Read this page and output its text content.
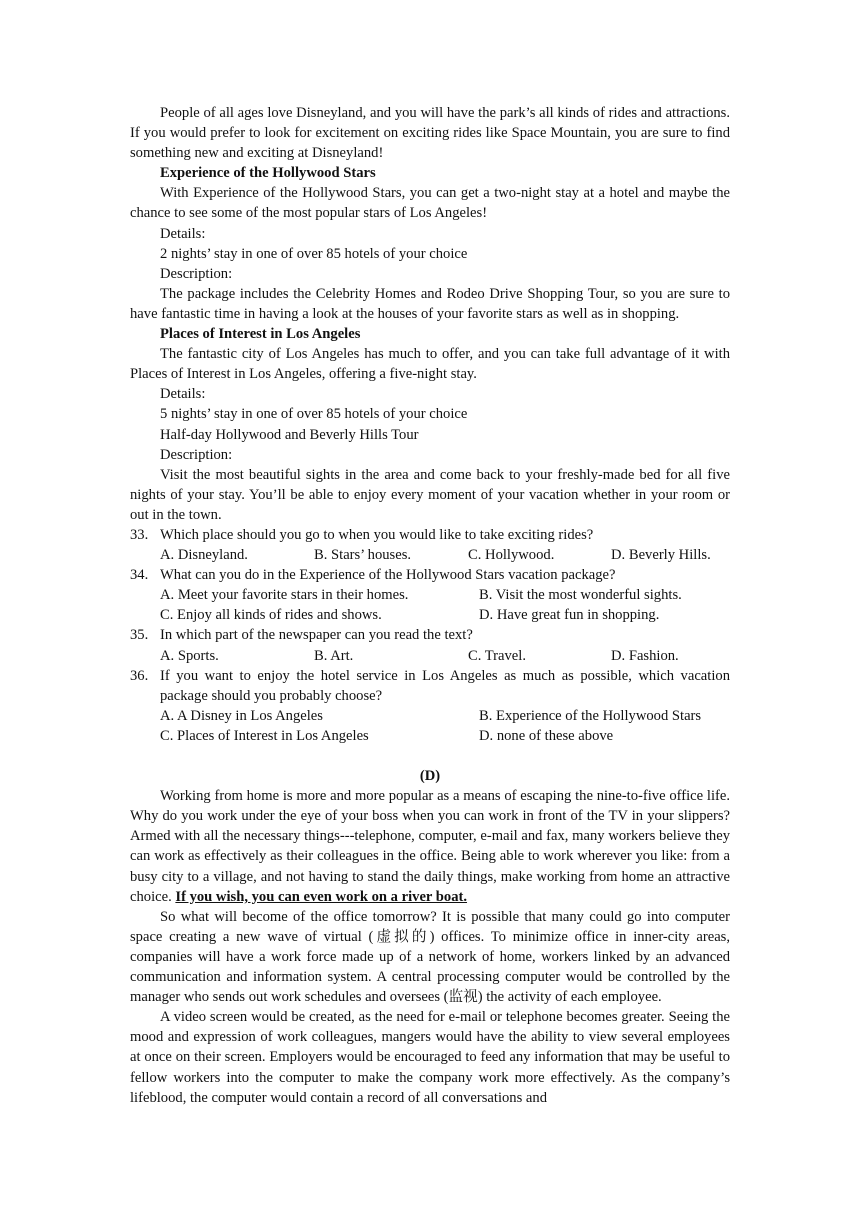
People of all ages love Disneyland, and you will have the park’s all kinds of rides and attractions. If you would prefer to look for excitement on exciting rides like Space Mountain, you are sure to find something new and exciting at Disneyland!

Experience of the Hollywood Stars

With Experience of the Hollywood Stars, you can get a two-night stay at a hotel and maybe the chance to see some of the most popular stars of Los Angeles!

Details:

2 nights’ stay in one of over 85 hotels of your choice

Description:

The package includes the Celebrity Homes and Rodeo Drive Shopping Tour, so you are sure to have fantastic time in having a look at the houses of your favorite stars as well as in shopping.

Places of Interest in Los Angeles

The fantastic city of Los Angeles has much to offer, and you can take full advantage of it with Places of Interest in Los Angeles, offering a five-night stay.

Details:

5 nights’ stay in one of over 85 hotels of your choice

Half-day Hollywood and Beverly Hills Tour

Description:

Visit the most beautiful sights in the area and come back to your freshly-made bed for all five nights of your stay. You’ll be able to enjoy every moment of your vacation whether in your room or out in the town.

33. Which place should you go to when you would like to take exciting rides?
A. Disneyland.	B. Stars’ houses.	C. Hollywood.	D. Beverly Hills.
34. What can you do in the Experience of the Hollywood Stars vacation package?
A. Meet your favorite stars in their homes.	B. Visit the most wonderful sights.
C. Enjoy all kinds of rides and shows.	D. Have great fun in shopping.
35. In which part of the newspaper can you read the text?
A. Sports.	B. Art.	C. Travel.	D. Fashion.
36. If you want to enjoy the hotel service in Los Angeles as much as possible, which vacation package should you probably choose?
A. A Disney in Los Angeles	B. Experience of the Hollywood Stars
C. Places of Interest in Los Angeles	D. none of these above

(D)

Working from home is more and more popular as a means of escaping the nine-to-five office life. Why do you work under the eye of your boss when you can work in front of the TV in your slippers? Armed with all the necessary things---telephone, computer, e-mail and fax, many workers believe they can work as effectively as their colleagues in the office. Being able to work wherever you like: from a busy city to a village, and not having to stand the daily things, make working from home an attractive choice. If you wish, you can even work on a river boat.

So what will become of the office tomorrow? It is possible that many could go into computer space creating a new wave of virtual (虚拟的) offices. To minimize office in inner-city areas, companies will have a work force made up of a network of home, workers linked by an advanced communication and information system. A central processing computer would be controlled by the manager who sends out work schedules and oversees (监视) the activity of each employee.

A video screen would be created, as the need for e-mail or telephone becomes greater. Seeing the mood and expression of work colleagues, mangers would have the ability to view several employees at once on their screen. Employers would be encouraged to feed any information that may be useful to fellow workers into the computer to make the company work more effectively. As the company’s lifeblood, the computer would contain a record of all conversations and
